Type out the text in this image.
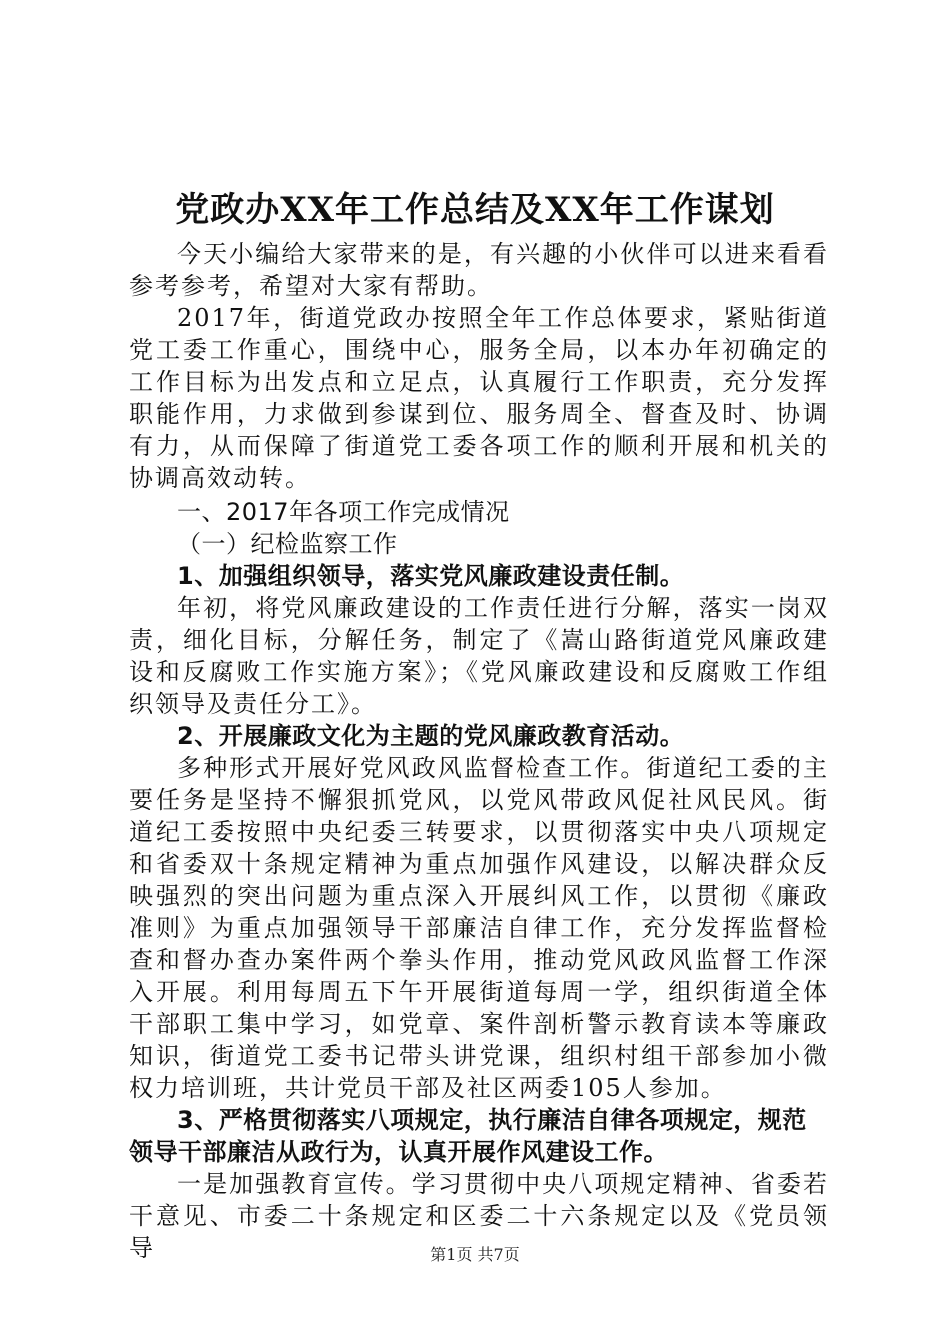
党政办XX年工作总结及XX年工作谋划

今天小编给大家带来的是，有兴趣的小伙伴可以进来看看参考参考，希望对大家有帮助。

2017年，街道党政办按照全年工作总体要求，紧贴街道党工委工作重心，围绕中心，服务全局，以本办年初确定的工作目标为出发点和立足点，认真履行工作职责，充分发挥职能作用，力求做到参谋到位、服务周全、督查及时、协调有力，从而保障了街道党工委各项工作的顺利开展和机关的协调高效动转。

一、2017年各项工作完成情况

（一）纪检监察工作

1、加强组织领导，落实党风廉政建设责任制。

年初，将党风廉政建设的工作责任进行分解，落实一岗双责，细化目标，分解任务，制定了《嵩山路街道党风廉政建设和反腐败工作实施方案》；《党风廉政建设和反腐败工作组织领导及责任分工》。

2、开展廉政文化为主题的党风廉政教育活动。

多种形式开展好党风政风监督检查工作。街道纪工委的主要任务是坚持不懈狠抓党风，以党风带政风促社风民风。街道纪工委按照中央纪委三转要求，以贯彻落实中央八项规定和省委双十条规定精神为重点加强作风建设，以解决群众反映强烈的突出问题为重点深入开展纠风工作，以贯彻《廉政准则》为重点加强领导干部廉洁自律工作，充分发挥监督检查和督办查办案件两个拳头作用，推动党风政风监督工作深入开展。利用每周五下午开展街道每周一学，组织街道全体干部职工集中学习，如党章、案件剖析警示教育读本等廉政知识，街道党工委书记带头讲党课，组织村组干部参加小微权力培训班，共计党员干部及社区两委105人参加。

3、严格贯彻落实八项规定，执行廉洁自律各项规定，规范领导干部廉洁从政行为，认真开展作风建设工作。

一是加强教育宣传。学习贯彻中央八项规定精神、省委若干意见、市委二十条规定和区委二十六条规定以及《党员领导	第1页 共7页
